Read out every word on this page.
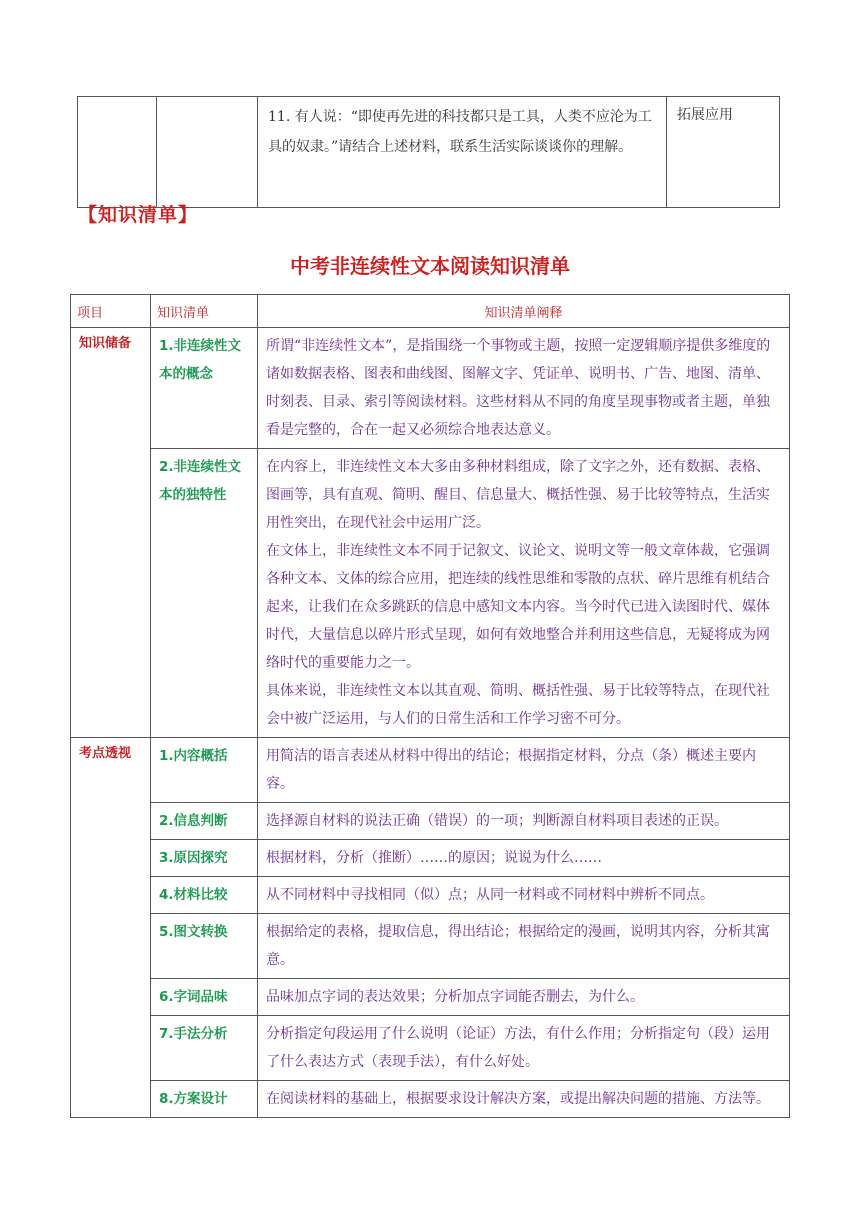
		11. 有人说：“即使再先进的科技都只是工具，人类不应沦为工具的奴隶。”请结合上述材料，联系生活实际谈谈你的理解。	拓展应用
【知识清单】
中考非连续性文本阅读知识清单
项目	知识清单	知识清单阐释
知识储备	1.非连续性文本的概念	所谓“非连续性文本”，是指围绕一个事物或主题，按照一定逻辑顺序提供多维度的诸如数据表格、图表和曲线图、图解文字、凭证单、说明书、广告、地图、清单、时刻表、目录、索引等阅读材料。这些材料从不同的角度呈现事物或者主题，单独看是完整的，合在一起又必须综合地表达意义。

	2.非连续性文本的独特性	在内容上，非连续性文本大多由多种材料组成，除了文字之外，还有数据、表格、图画等，具有直观、简明、醒目、信息量大、概括性强、易于比较等特点，生活实用性突出，在现代社会中运用广泛。

在文体上，非连续性文本不同于记叙文、议论文、说明文等一般文章体裁，它强调各种文本、文体的综合应用，把连续的线性思维和零散的点状、碎片思维有机结合起来，让我们在众多跳跃的信息中感知文本内容。当今时代已进入读图时代、媒体时代，大量信息以碎片形式呈现，如何有效地整合并利用这些信息，无疑将成为网络时代的重要能力之一。

具体来说，非连续性文本以其直观、简明、概括性强、易于比较等特点，在现代社会中被广泛运用，与人们的日常生活和工作学习密不可分。

考点透视	1.内容概括	用简洁的语言表述从材料中得出的结论；根据指定材料，分点（条）概述主要内容。

	2.信息判断	选择源自材料的说法正确（错误）的一项；判断源自材料项目表述的正误。

	3.原因探究	根据材料，分析（推断）……的原因；说说为什么……

	4.材料比较	从不同材料中寻找相同（似）点；从同一材料或不同材料中辨析不同点。

	5.图文转换	根据给定的表格，提取信息，得出结论；根据给定的漫画，说明其内容，分析其寓意。

	6.字词品味	品味加点字词的表达效果；分析加点字词能否删去，为什么。

	7.手法分析	分析指定句段运用了什么说明（论证）方法，有什么作用；分析指定句（段）运用了什么表达方式（表现手法），有什么好处。

	8.方案设计	在阅读材料的基础上，根据要求设计解决方案，或提出解决问题的措施、方法等。
